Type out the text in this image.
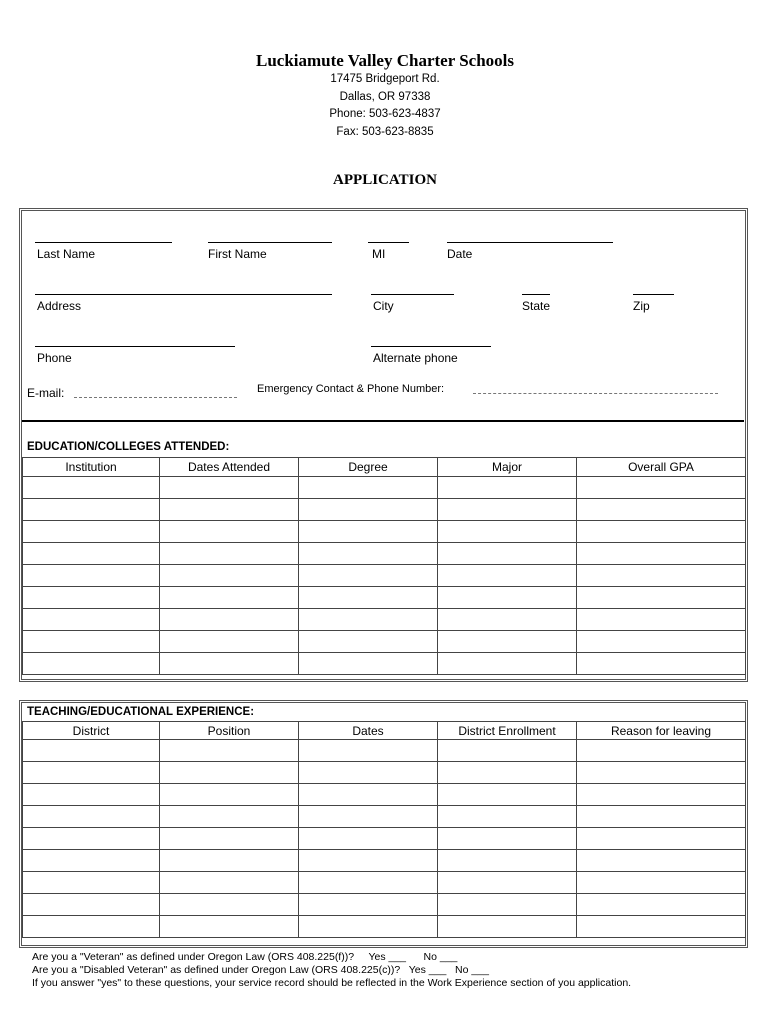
Luckiamute Valley Charter Schools
17475 Bridgeport Rd.
Dallas, OR 97338
Phone: 503-623-4837
Fax: 503-623-8835
APPLICATION
Last Name	First Name	MI	Date
Address	City	State	Zip
Phone	Alternate phone
E-mail:	Emergency Contact & Phone Number:
EDUCATION/COLLEGES ATTENDED:
Institution	Dates Attended	Degree	Major	Overall GPA

TEACHING/EDUCATIONAL EXPERIENCE:
District	Position	Dates	District Enrollment	Reason for leaving

Are you a "Veteran" as defined under Oregon Law (ORS 408.225(f))?     Yes ___      No ___
Are you a "Disabled Veteran" as defined under Oregon Law (ORS 408.225(c))?   Yes ___   No ___
If you answer "yes" to these questions, your service record should be reflected in the Work Experience section of you application.
